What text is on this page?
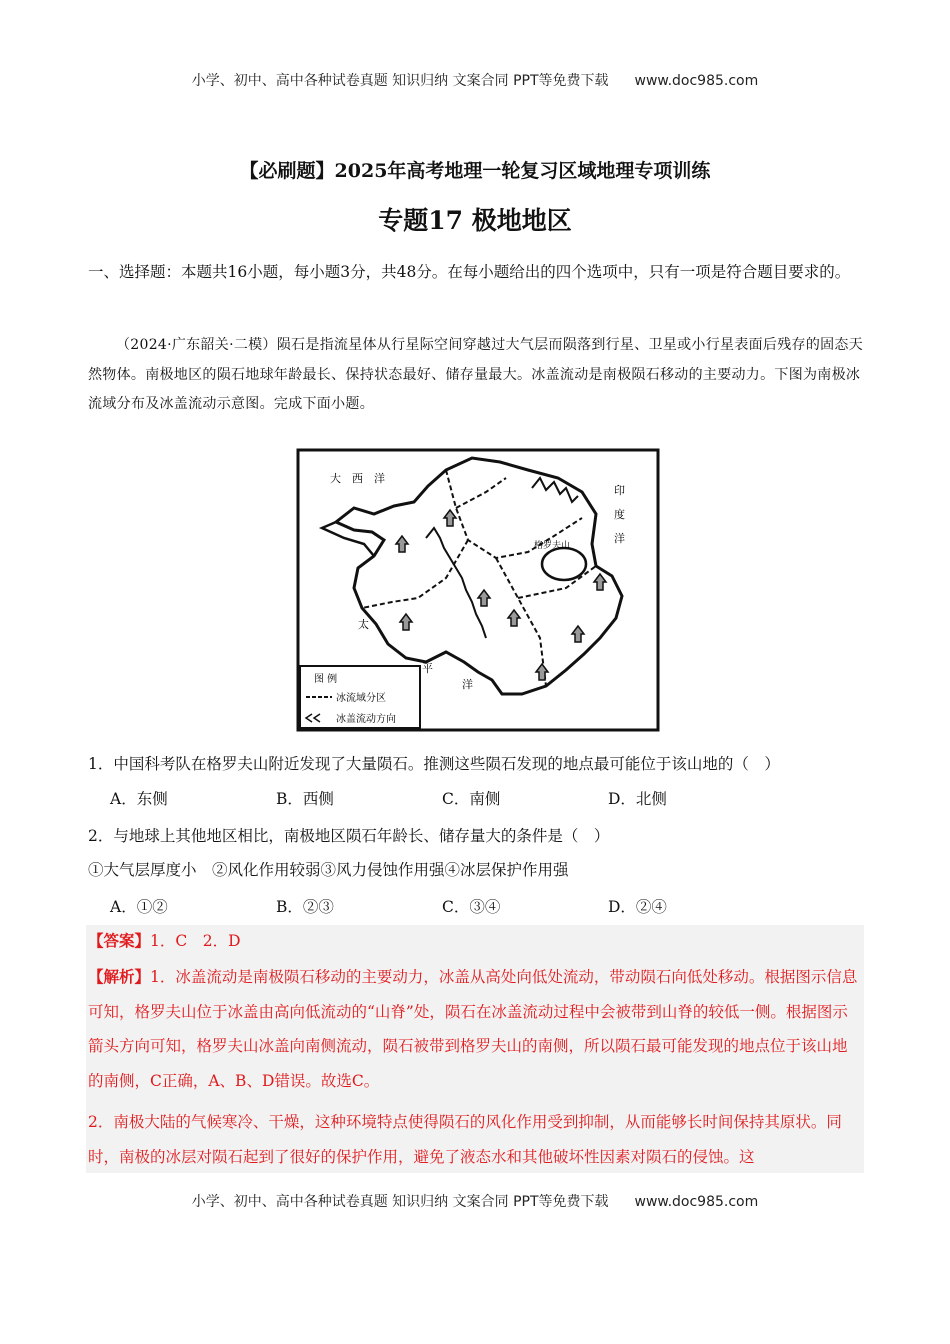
小学、初中、高中各种试卷真题 知识归纳 文案合同 PPT等免费下载 www.doc985.com
【必刷题】2025年高考地理一轮复习区域地理专项训练
专题17 极地地区
一、选择题：本题共16小题，每小题3分，共48分。在每小题给出的四个选项中，只有一项是符合题目要求的。
（2024·广东韶关·二模）陨石是指流星体从行星际空间穿越过大气层而陨落到行星、卫星或小行星表面后残存的固态天然物体。南极地区的陨石地球年龄最长、保持状态最好、储存量最大。冰盖流动是南极陨石移动的主要动力。下图为南极冰流域分布及冰盖流动示意图。完成下面小题。
大 西 洋
印
度
洋
太
平
洋
格罗夫山
图 例
冰流域分区
冰盖流动方向
1．中国科考队在格罗夫山附近发现了大量陨石。推测这些陨石发现的地点最可能位于该山地的（　）
A．东侧	B．西侧	C．南侧	D．北侧
2．与地球上其他地区相比，南极地区陨石年龄长、储存量大的条件是（　）
①大气层厚度小　②风化作用较弱③风力侵蚀作用强④冰层保护作用强
A．①②	B．②③	C．③④	D．②④
【答案】1．C　2．D
【解析】1．冰盖流动是南极陨石移动的主要动力，冰盖从高处向低处流动，带动陨石向低处移动。根据图示信息可知，格罗夫山位于冰盖由高向低流动的“山脊”处，陨石在冰盖流动过程中会被带到山脊的较低一侧。根据图示箭头方向可知，格罗夫山冰盖向南侧流动，陨石被带到格罗夫山的南侧，所以陨石最可能发现的地点位于该山地的南侧，C正确，A、B、D错误。故选C。
2．南极大陆的气候寒冷、干燥，这种环境特点使得陨石的风化作用受到抑制，从而能够长时间保持其原状。同时，南极的冰层对陨石起到了很好的保护作用，避免了液态水和其他破坏性因素对陨石的侵蚀。这
小学、初中、高中各种试卷真题 知识归纳 文案合同 PPT等免费下载 www.doc985.com
